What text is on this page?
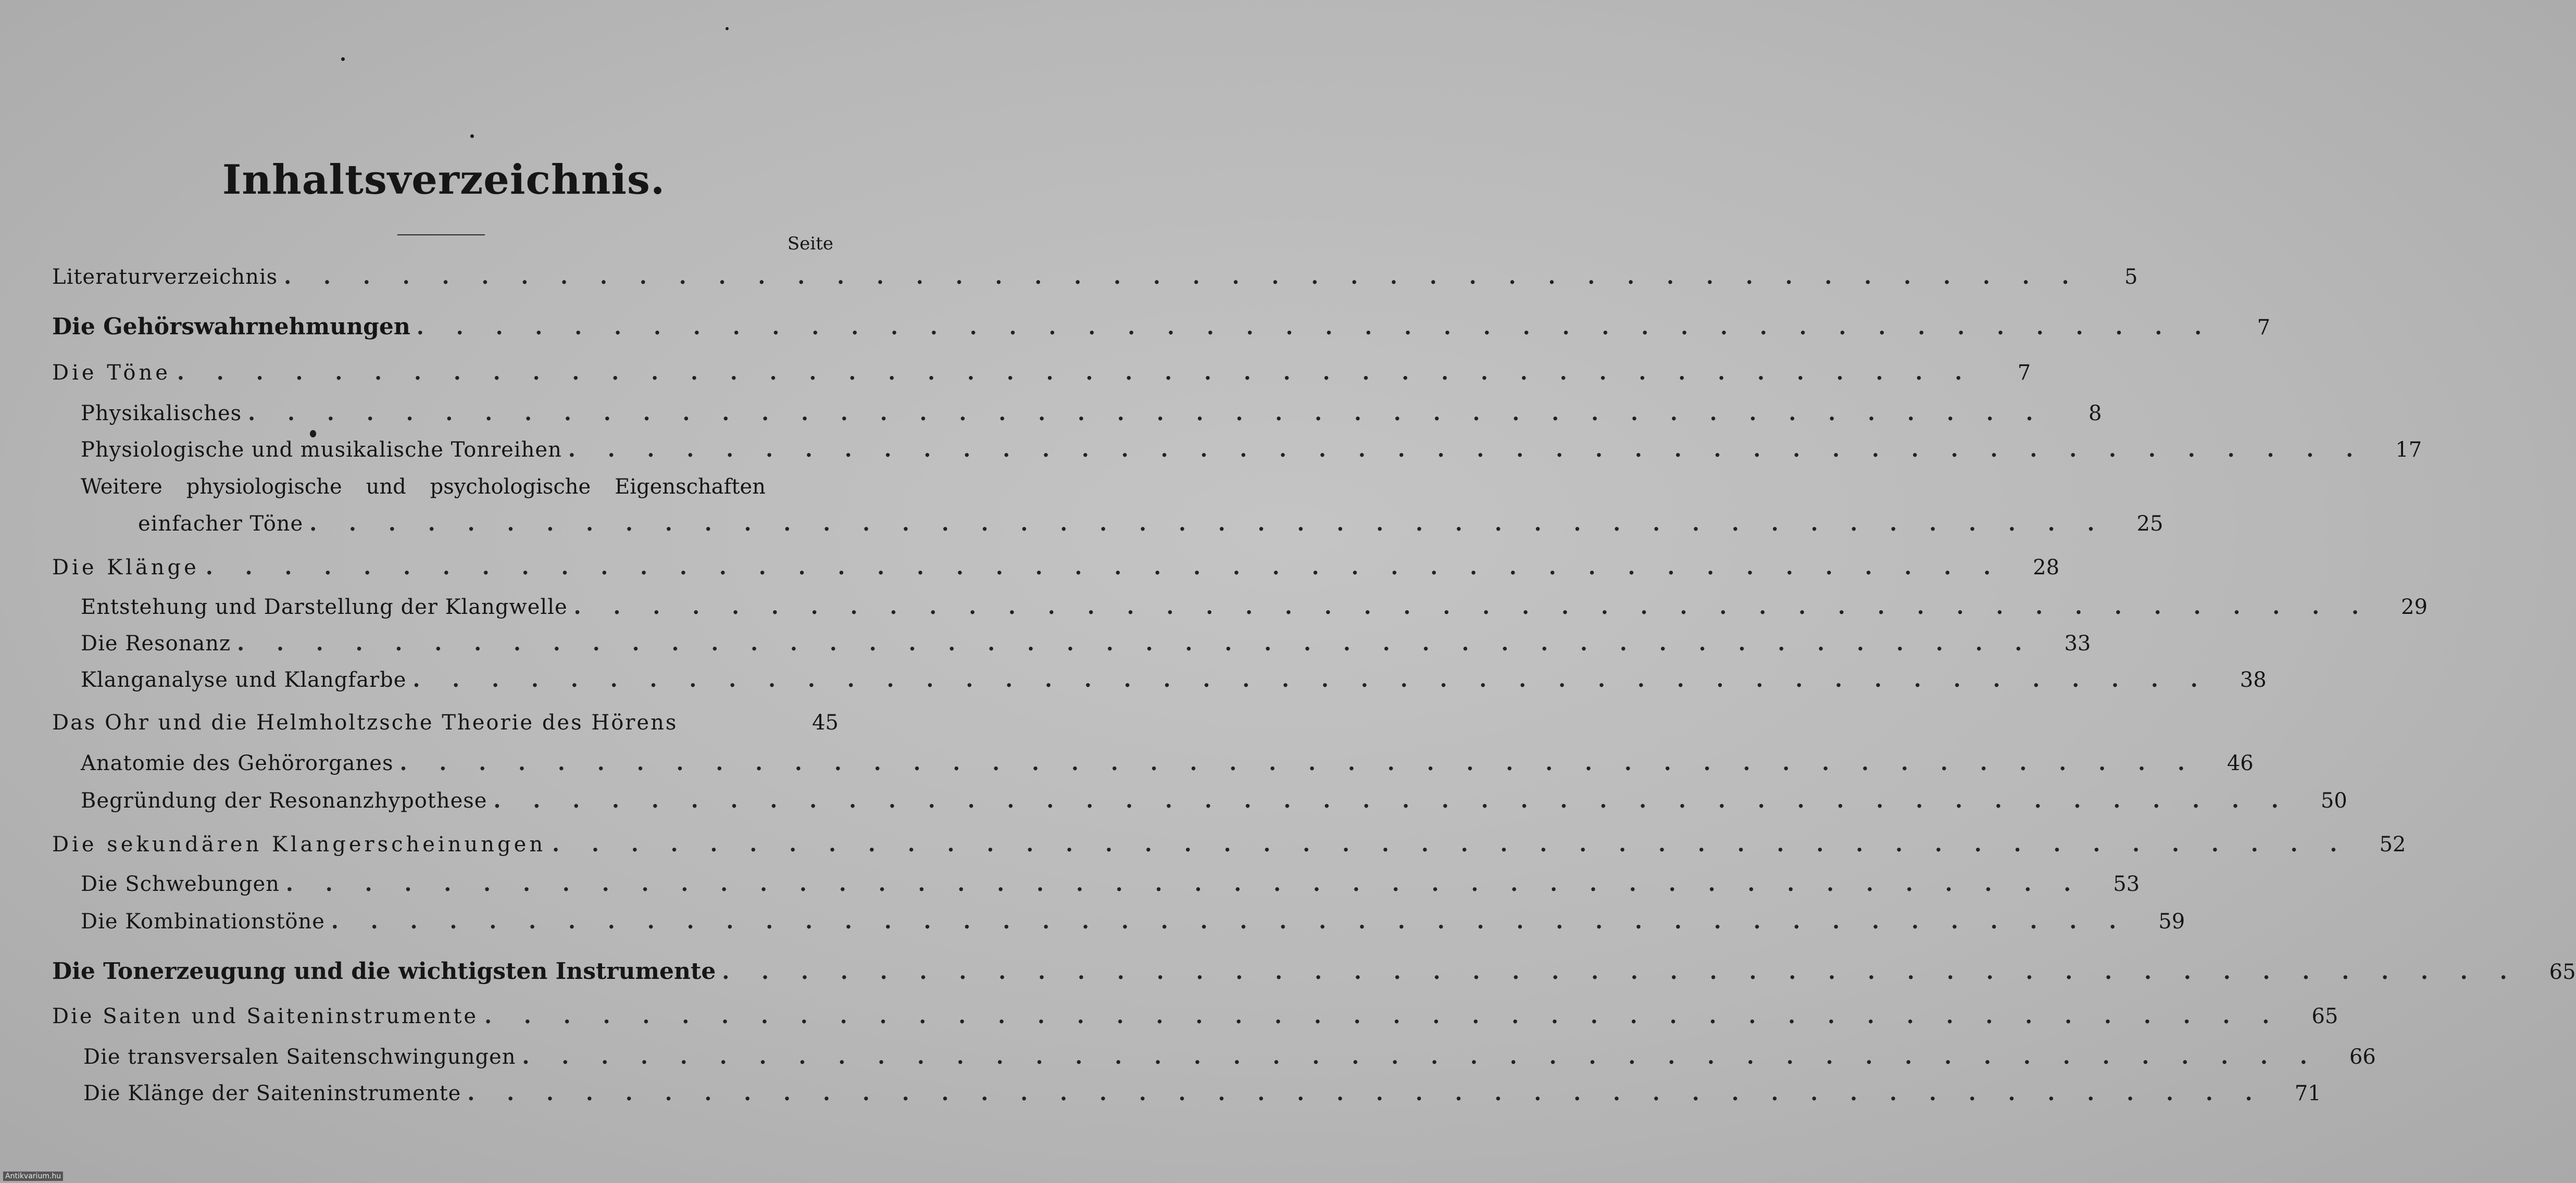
Inhaltsverzeichnis.
Seite
Literaturverzeichnis . . . . . . . . . . . . . . . . . . . . . . . . . . . . . . . . . . . . . . . . . . . . . .	5
Die Gehörswahrnehmungen . . . . . . . . . . . . . . . . . . . . . . . . . . . . . . . . . . . . . . . . . . . . . .	7
Die Töne . . . . . . . . . . . . . . . . . . . . . . . . . . . . . . . . . . . . . . . . . . . . . .	7
Physikalisches . . . . . . . . . . . . . . . . . . . . . . . . . . . . . . . . . . . . . . . . . . . . . .	8
Physiologische und musikalische Tonreihen . . . . . . . . . . . . . . . . . . . . . . . . . . . . . . . . . . . . . . . . . . . . . .	17
Weitere physiologische und psychologische Eigenschaften
einfacher Töne . . . . . . . . . . . . . . . . . . . . . . . . . . . . . . . . . . . . . . . . . . . . . .	25
Die Klänge . . . . . . . . . . . . . . . . . . . . . . . . . . . . . . . . . . . . . . . . . . . . . .	28
Entstehung und Darstellung der Klangwelle . . . . . . . . . . . . . . . . . . . . . . . . . . . . . . . . . . . . . . . . . . . . . .	29
Die Resonanz . . . . . . . . . . . . . . . . . . . . . . . . . . . . . . . . . . . . . . . . . . . . . .	33
Klanganalyse und Klangfarbe . . . . . . . . . . . . . . . . . . . . . . . . . . . . . . . . . . . . . . . . . . . . . .	38
Das Ohr und die Helmholtzsche Theorie des Hörens	45
Anatomie des Gehörorganes . . . . . . . . . . . . . . . . . . . . . . . . . . . . . . . . . . . . . . . . . . . . . .	46
Begründung der Resonanzhypothese . . . . . . . . . . . . . . . . . . . . . . . . . . . . . . . . . . . . . . . . . . . . . .	50
Die sekundären Klangerscheinungen . . . . . . . . . . . . . . . . . . . . . . . . . . . . . . . . . . . . . . . . . . . . . .	52
Die Schwebungen . . . . . . . . . . . . . . . . . . . . . . . . . . . . . . . . . . . . . . . . . . . . . .	53
Die Kombinationstöne . . . . . . . . . . . . . . . . . . . . . . . . . . . . . . . . . . . . . . . . . . . . . .	59
Die Tonerzeugung und die wichtigsten Instrumente . . . . . . . . . . . . . . . . . . . . . . . . . . . . . . . . . . . . . . . . . . . . . .	65
Die Saiten und Saiteninstrumente . . . . . . . . . . . . . . . . . . . . . . . . . . . . . . . . . . . . . . . . . . . . . .	65
Die transversalen Saitenschwingungen . . . . . . . . . . . . . . . . . . . . . . . . . . . . . . . . . . . . . . . . . . . . . .	66
Die Klänge der Saiteninstrumente . . . . . . . . . . . . . . . . . . . . . . . . . . . . . . . . . . . . . . . . . . . . . .	71
Antikvarium.hu
